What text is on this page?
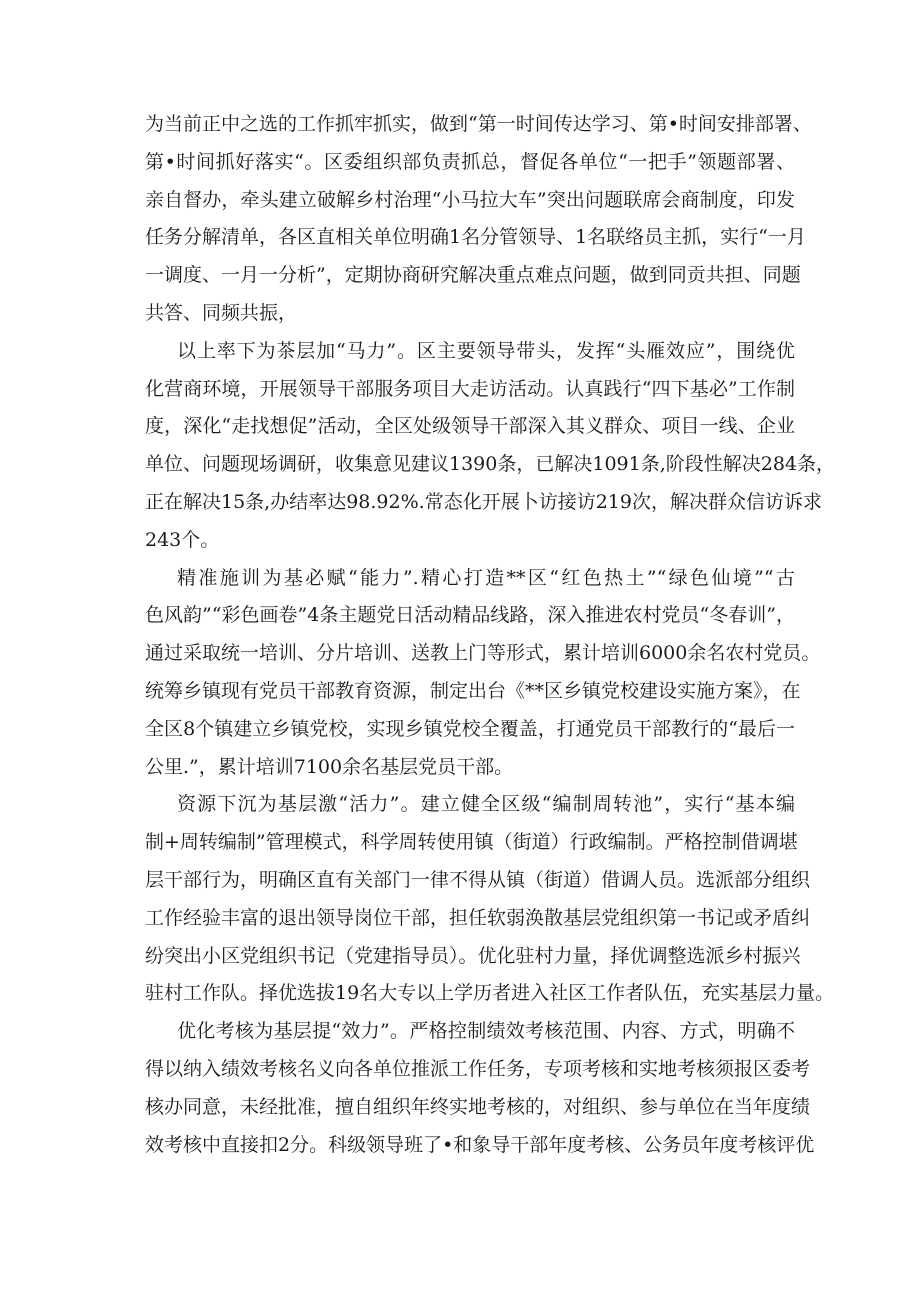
为当前正中之选的工作抓牢抓实，做到“第一时间传达学习、第•时间安排部署、
第•时间抓好落实“。区委组织部负责抓总，督促各单位“一把手”领题部署、
亲自督办，牵头建立破解乡村治理“小马拉大车”突出问题联席会商制度，印发
任务分解清单，各区直相关单位明确1名分管领导、1名联络员主抓，实行“一月
一调度、一月一分析”，定期协商研究解决重点难点问题，做到同贡共担、同题
共答、同频共振，
以上率下为茶层加“马力”。区主要领导带头，发挥“头雁效应”，围绕优
化营商环境，开展领导干部服务项目大走访活动。认真践行“四下基必”工作制
度，深化“走找想促”活动，全区处级领导干部深入其义群众、项目一线、企业
单位、问题现场调研，收集意见建议1390条，已解决1091条,阶段性解决284条，
正在解决15条,办结率达98.92%.常态化开展卜访接访219次，解决群众信访诉求
243个。
精准施训为基必赋“能力”.精心打造**区“红色热土”“绿色仙境”“古
色风韵”“彩色画卷”4条主题党日活动精品线路，深入推进农村党员“冬春训”，
通过采取统一培训、分片培训、送教上门等形式，累计培训6000余名农村党员。
统筹乡镇现有党员干部教育资源，制定出台《**区乡镇党校建设实施方案》，在
全区8个镇建立乡镇党校，实现乡镇党校全覆盖，打通党员干部教行的“最后一
公里.”，累计培训7100余名基层党员干部。
资源下沉为基层激“活力”。建立健全区级“编制周转池”，实行“基本编
制+周转编制”管理模式，科学周转使用镇（街道）行政编制。严格控制借调堪
层干部行为，明确区直有关部门一律不得从镇（街道）借调人员。选派部分组织
工作经验丰富的退出领导岗位干部，担任软弱涣散基层党组织第一书记或矛盾纠
纷突出小区党组织书记（党建指导员）。优化驻村力量，择优调整选派乡村振兴
驻村工作队。择优选拔19名大专以上学历者进入社区工作者队伍，充实基层力量。
优化考核为基层提“效力”。严格控制绩效考核范围、内容、方式，明确不
得以纳入绩效考核名义向各单位推派工作任务，专项考核和实地考核须报区委考
核办同意，未经批准，擅自组织年终实地考核的，对组织、参与单位在当年度绩
效考核中直接扣2分。科级领导班了•和象导干部年度考核、公务员年度考核评优
